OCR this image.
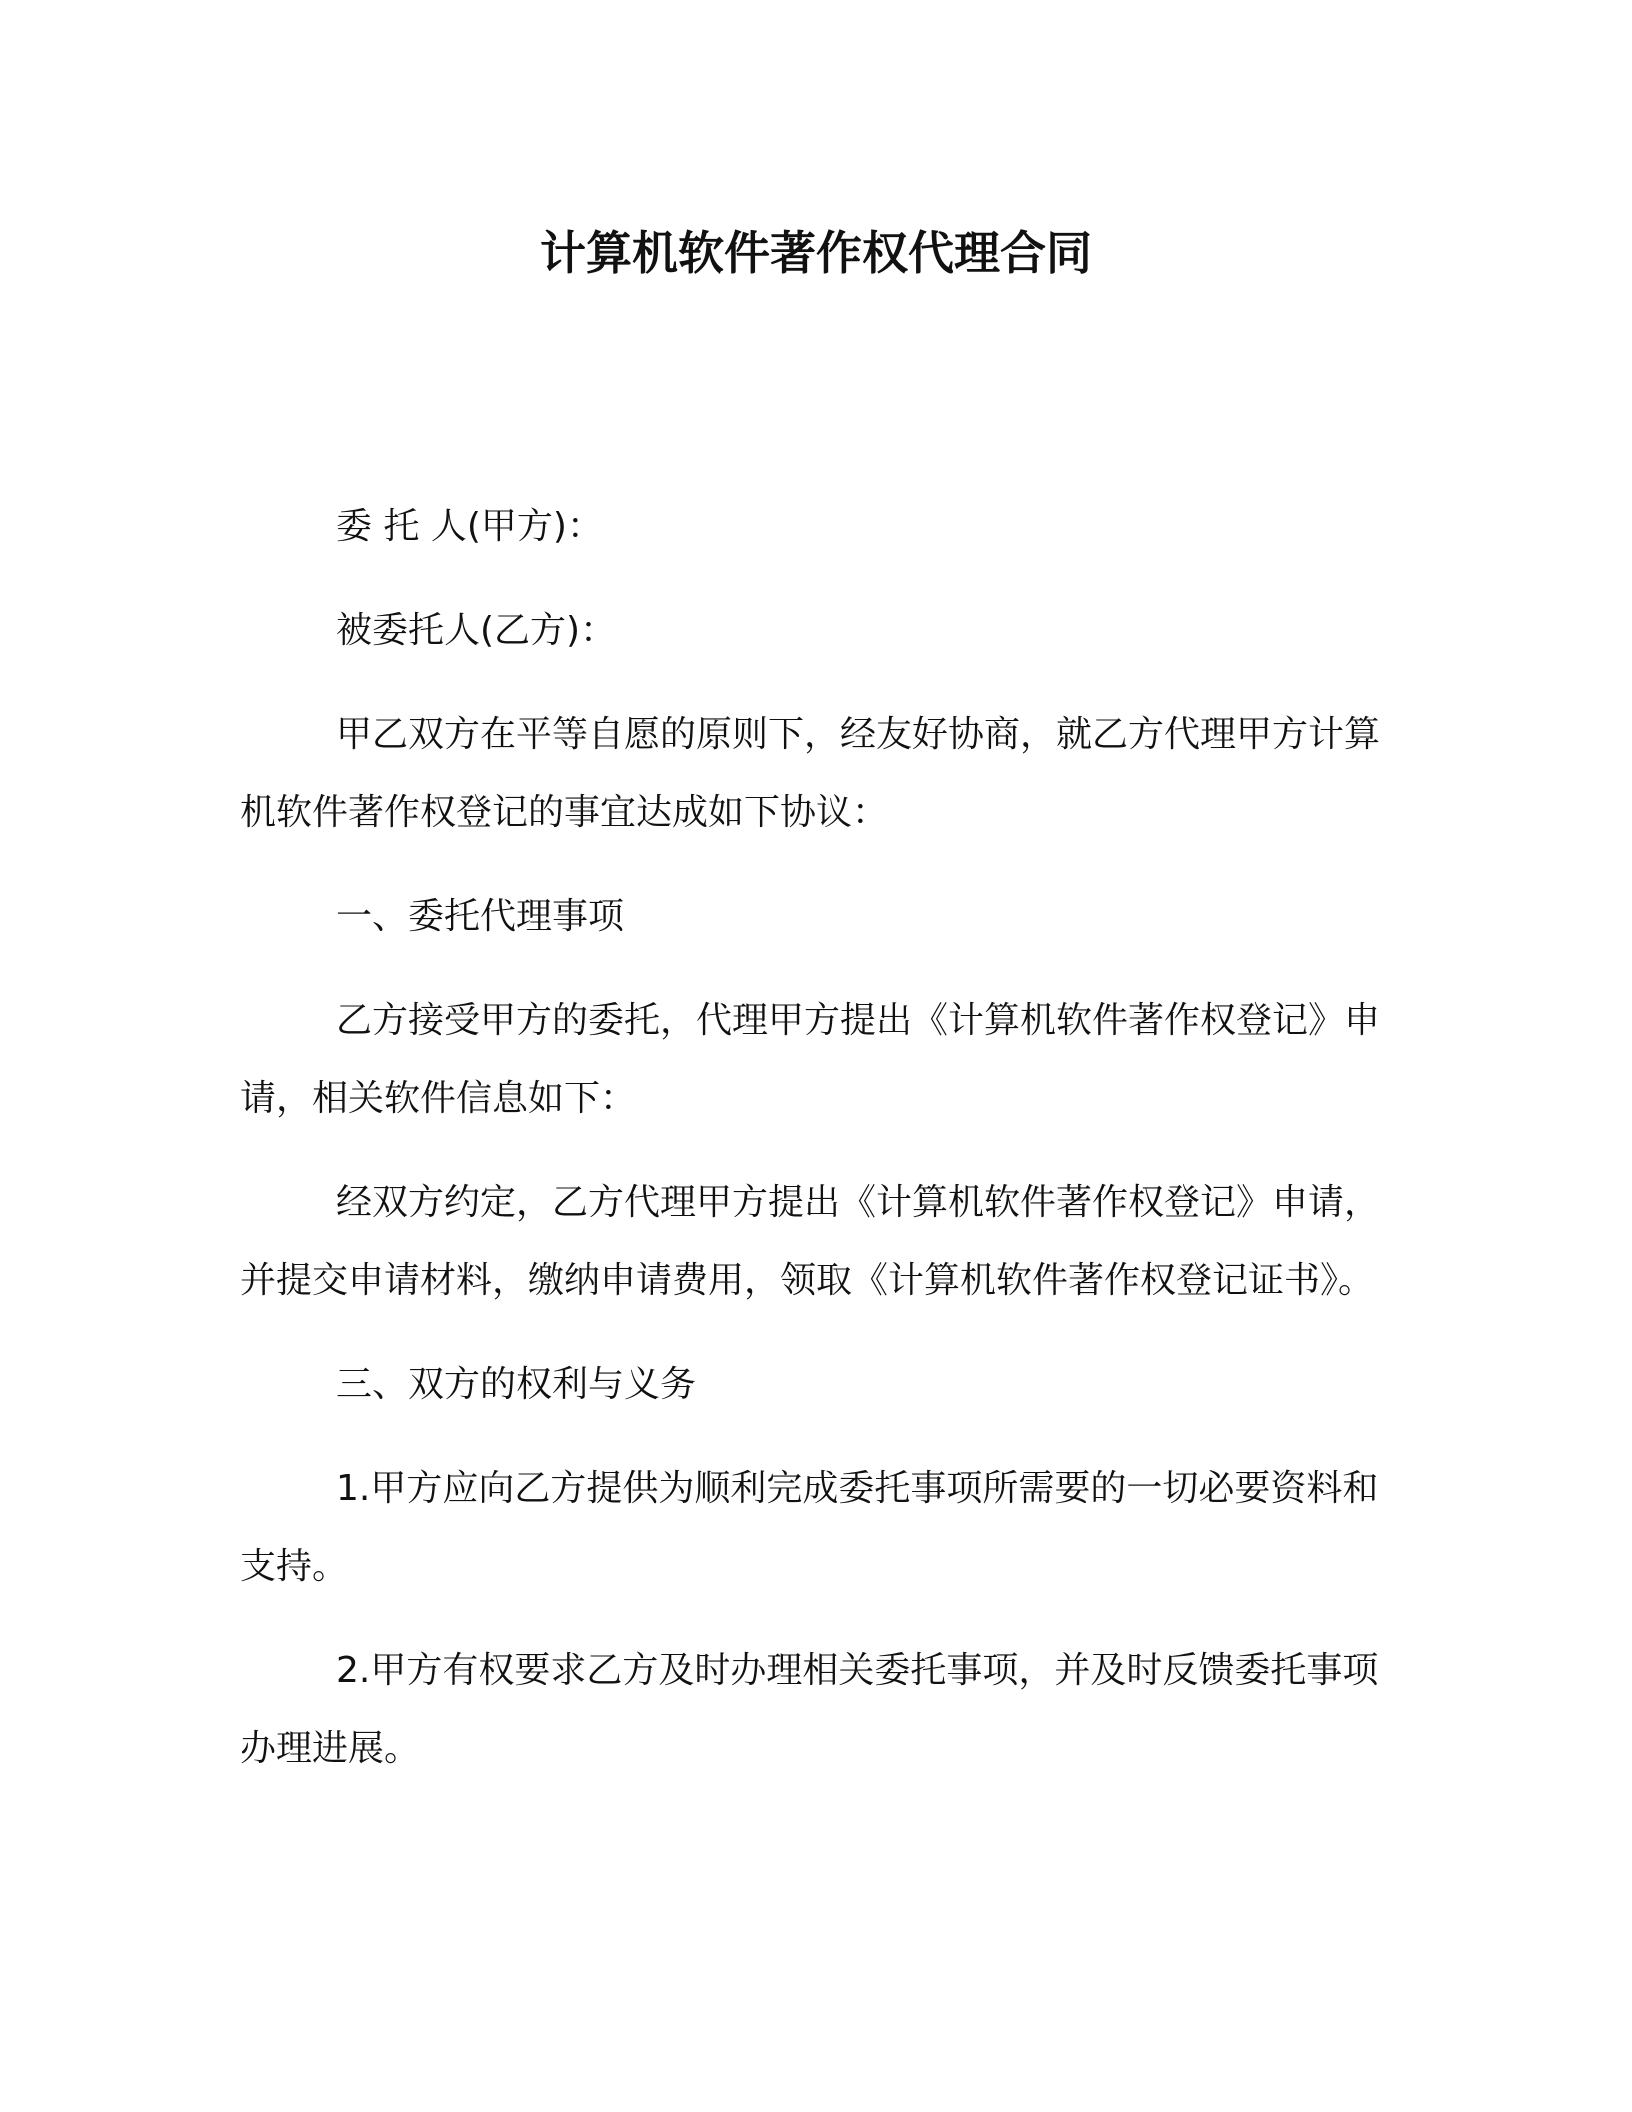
计算机软件著作权代理合同

委 托 人(甲方)：

被委托人(乙方)：

甲乙双方在平等自愿的原则下，经友好协商，就乙方代理甲方计算机软件著作权登记的事宜达成如下协议：

一、委托代理事项

乙方接受甲方的委托，代理甲方提出《计算机软件著作权登记》申请，相关软件信息如下：

经双方约定，乙方代理甲方提出《计算机软件著作权登记》申请，并提交申请材料，缴纳申请费用，领取《计算机软件著作权登记证书》。

三、双方的权利与义务

1.甲方应向乙方提供为顺利完成委托事项所需要的一切必要资料和支持。

2.甲方有权要求乙方及时办理相关委托事项，并及时反馈委托事项办理进展。
